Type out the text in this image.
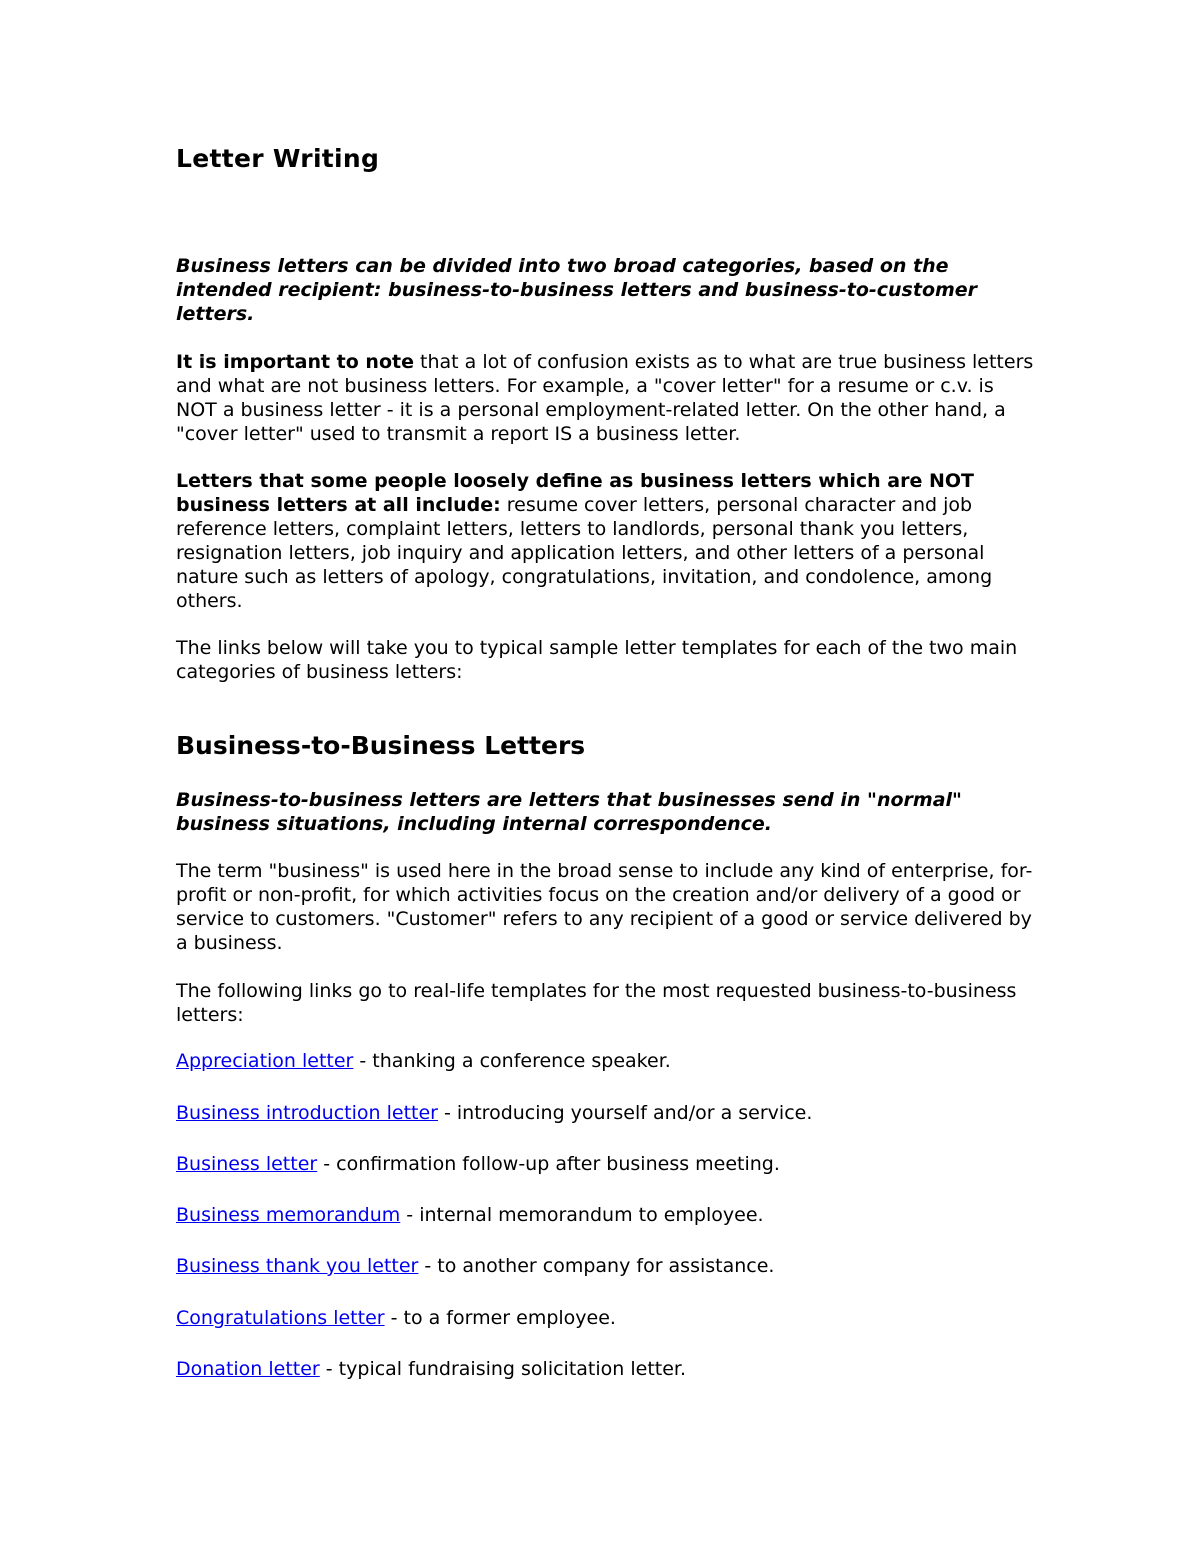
Letter Writing

Business letters can be divided into two broad categories, based on the intended recipient: business-to-business letters and business-to-customer letters.

It is important to note that a lot of confusion exists as to what are true business letters and what are not business letters. For example, a "cover letter" for a resume or c.v. is NOT a business letter - it is a personal employment-related letter. On the other hand, a "cover letter" used to transmit a report IS a business letter.

Letters that some people loosely define as business letters which are NOT business letters at all include: resume cover letters, personal character and job reference letters, complaint letters, letters to landlords, personal thank you letters, resignation letters, job inquiry and application letters, and other letters of a personal nature such as letters of apology, congratulations, invitation, and condolence, among others.

The links below will take you to typical sample letter templates for each of the two main categories of business letters:

Business-to-Business Letters

Business-to-business letters are letters that businesses send in "normal" business situations, including internal correspondence.

The term "business" is used here in the broad sense to include any kind of enterprise, for-profit or non-profit, for which activities focus on the creation and/or delivery of a good or service to customers. "Customer" refers to any recipient of a good or service delivered by a business.

The following links go to real-life templates for the most requested business-to-business letters:

Appreciation letter - thanking a conference speaker.

Business introduction letter - introducing yourself and/or a service.

Business letter - confirmation follow-up after business meeting.

Business memorandum - internal memorandum to employee.

Business thank you letter - to another company for assistance.

Congratulations letter - to a former employee.

Donation letter - typical fundraising solicitation letter.
